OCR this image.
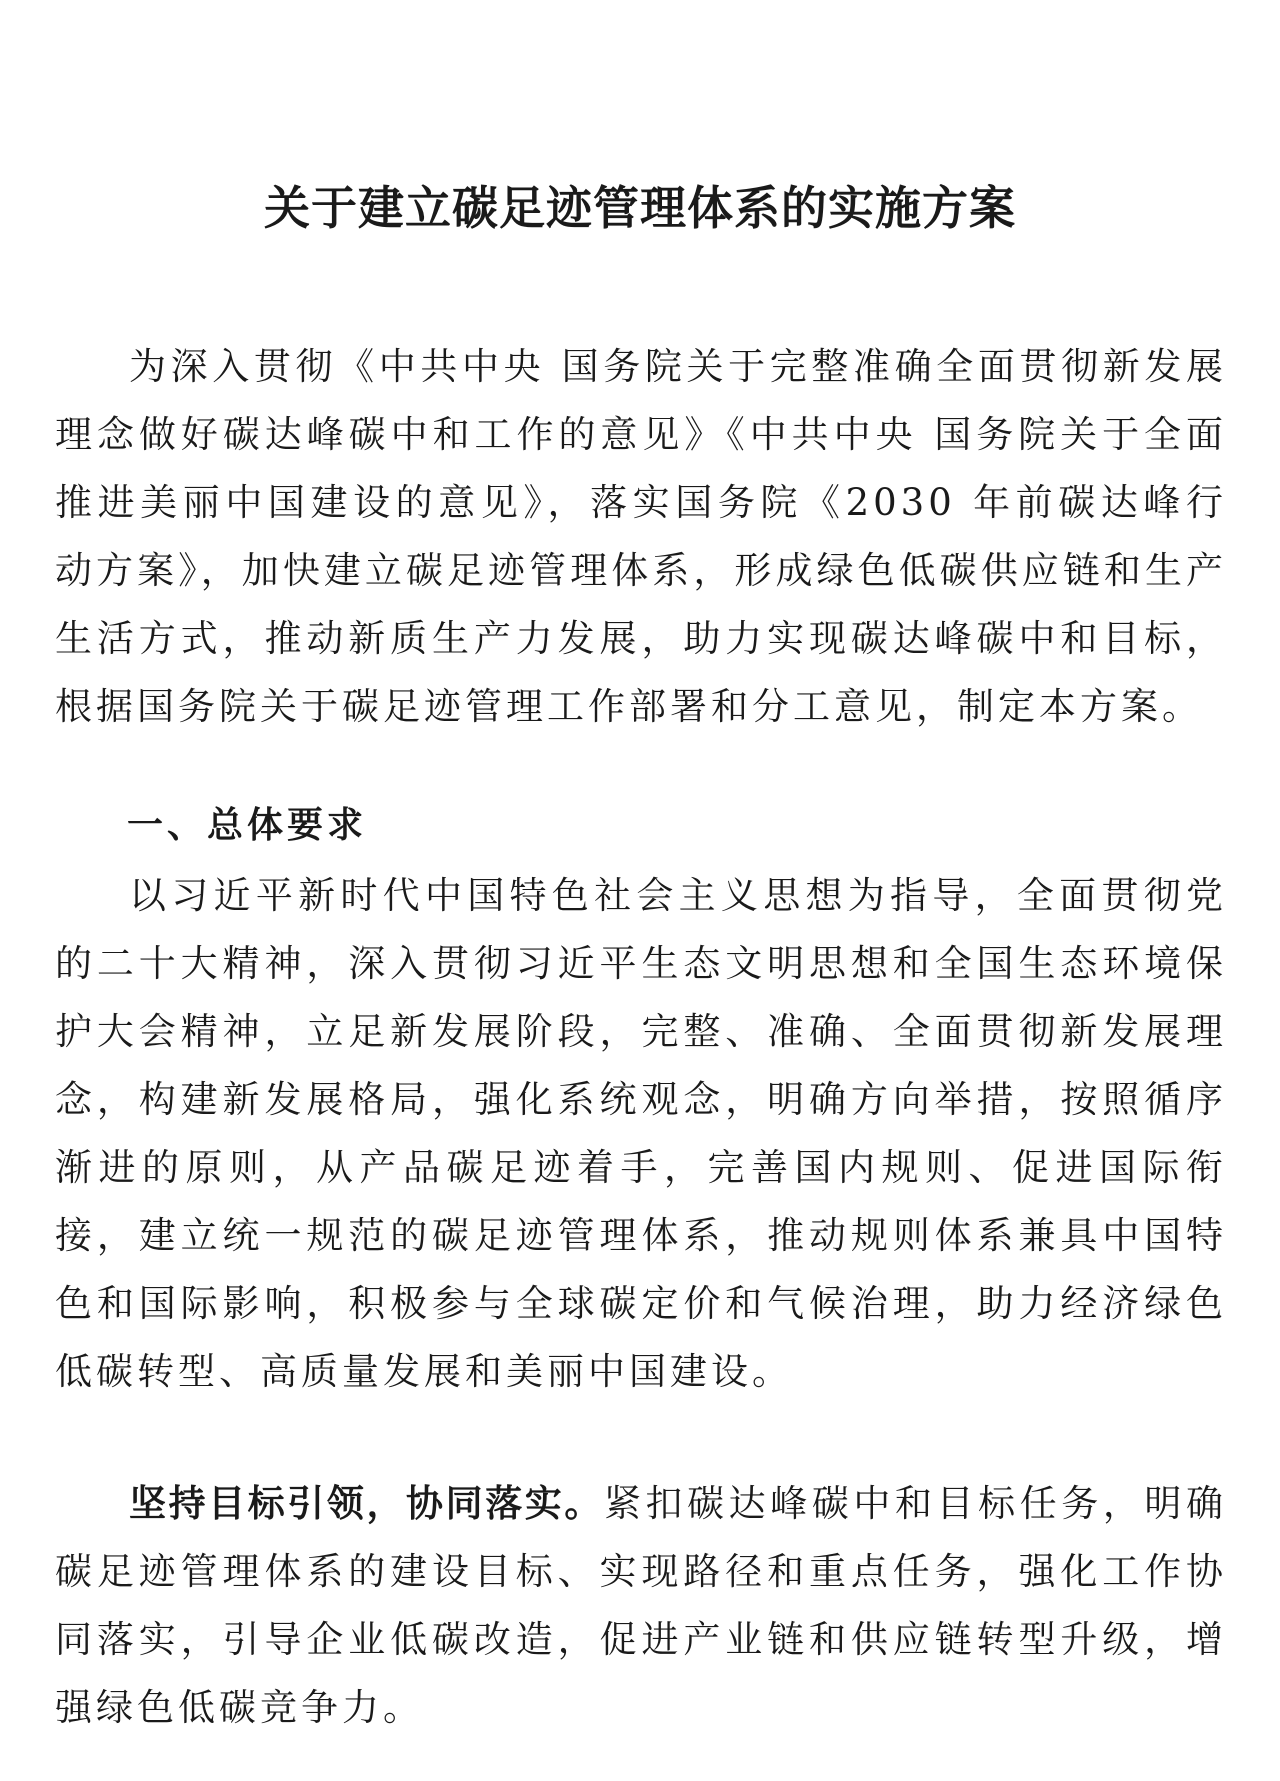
关于建立碳足迹管理体系的实施方案

为深入贯彻《中共中央 国务院关于完整准确全面贯彻新发展理念做好碳达峰碳中和工作的意见》《中共中央 国务院关于全面推进美丽中国建设的意见》，落实国务院《2030 年前碳达峰行动方案》，加快建立碳足迹管理体系，形成绿色低碳供应链和生产生活方式，推动新质生产力发展，助力实现碳达峰碳中和目标，根据国务院关于碳足迹管理工作部署和分工意见，制定本方案。

一、总体要求

以习近平新时代中国特色社会主义思想为指导，全面贯彻党的二十大精神，深入贯彻习近平生态文明思想和全国生态环境保护大会精神，立足新发展阶段，完整、准确、全面贯彻新发展理念，构建新发展格局，强化系统观念，明确方向举措，按照循序渐进的原则，从产品碳足迹着手，完善国内规则、促进国际衔接，建立统一规范的碳足迹管理体系，推动规则体系兼具中国特色和国际影响，积极参与全球碳定价和气候治理，助力经济绿色低碳转型、高质量发展和美丽中国建设。

坚持目标引领，协同落实。紧扣碳达峰碳中和目标任务，明确碳足迹管理体系的建设目标、实现路径和重点任务，强化工作协同落实，引导企业低碳改造，促进产业链和供应链转型升级，增强绿色低碳竞争力。
